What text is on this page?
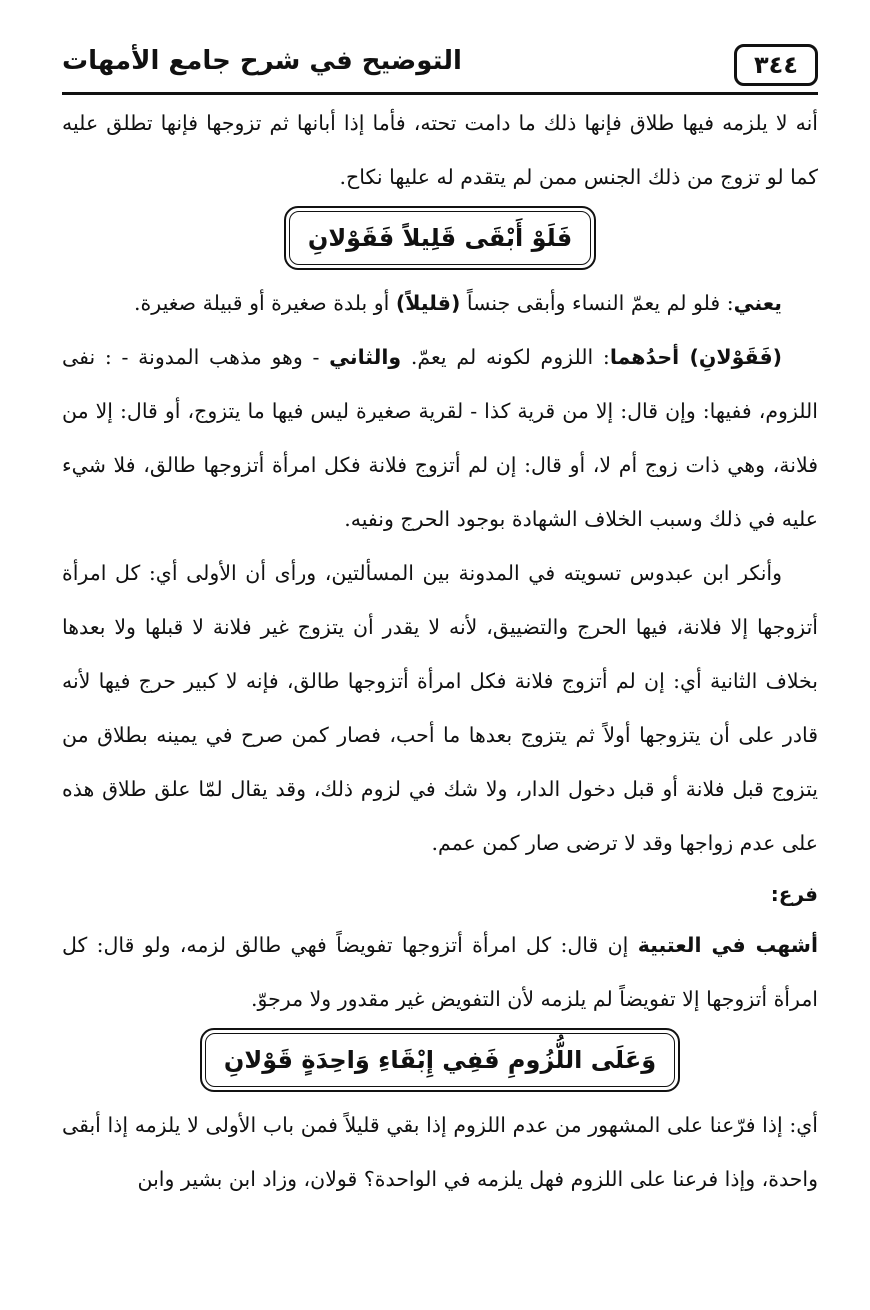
٣٤٤
التوضيح في شرح جامع الأمهات

أنه لا يلزمه فيها طلاق فإنها ذلك ما دامت تحته، فأما إذا أبانها ثم تزوجها فإنها تطلق عليه كما لو تزوج من ذلك الجنس ممن لم يتقدم له عليها نكاح.

فَلَوْ أَبْقَى قَلِيلاً فَقَوْلانِ

يعني: فلو لم يعمّ النساء وأبقى جنساً (قليلاً) أو بلدة صغيرة أو قبيلة صغيرة.

(فَقَوْلانِ) أحدُهما: اللزوم لكونه لم يعمّ. والثاني - وهو مذهب المدونة - : نفى اللزوم، ففيها: وإن قال: إلا من قرية كذا - لقرية صغيرة ليس فيها ما يتزوج، أو قال: إلا من فلانة، وهي ذات زوج أم لا، أو قال: إن لم أتزوج فلانة فكل امرأة أتزوجها طالق، فلا شيء عليه في ذلك وسبب الخلاف الشهادة بوجود الحرج ونفيه.

وأنكر ابن عبدوس تسويته في المدونة بين المسألتين، ورأى أن الأولى أي: كل امرأة أتزوجها إلا فلانة، فيها الحرج والتضييق، لأنه لا يقدر أن يتزوج غير فلانة لا قبلها ولا بعدها بخلاف الثانية أي: إن لم أتزوج فلانة فكل امرأة أتزوجها طالق، فإنه لا كبير حرج فيها لأنه قادر على أن يتزوجها أولاً ثم يتزوج بعدها ما أحب، فصار كمن صرح في يمينه بطلاق من يتزوج قبل فلانة أو قبل دخول الدار، ولا شك في لزوم ذلك، وقد يقال لمّا علق طلاق هذه على عدم زواجها وقد لا ترضى صار كمن عمم.

فرع:

أشهب في العتبية إن قال: كل امرأة أتزوجها تفويضاً فهي طالق لزمه، ولو قال: كل امرأة أتزوجها إلا تفويضاً لم يلزمه لأن التفويض غير مقدور ولا مرجوّ.

وَعَلَى اللُّزُومِ فَفِي إِبْقَاءِ وَاحِدَةٍ قَوْلانِ

أي: إذا فرّعنا على المشهور من عدم اللزوم إذا بقي قليلاً فمن باب الأولى لا يلزمه إذا أبقى واحدة، وإذا فرعنا على اللزوم فهل يلزمه في الواحدة؟ قولان، وزاد ابن بشير وابن
